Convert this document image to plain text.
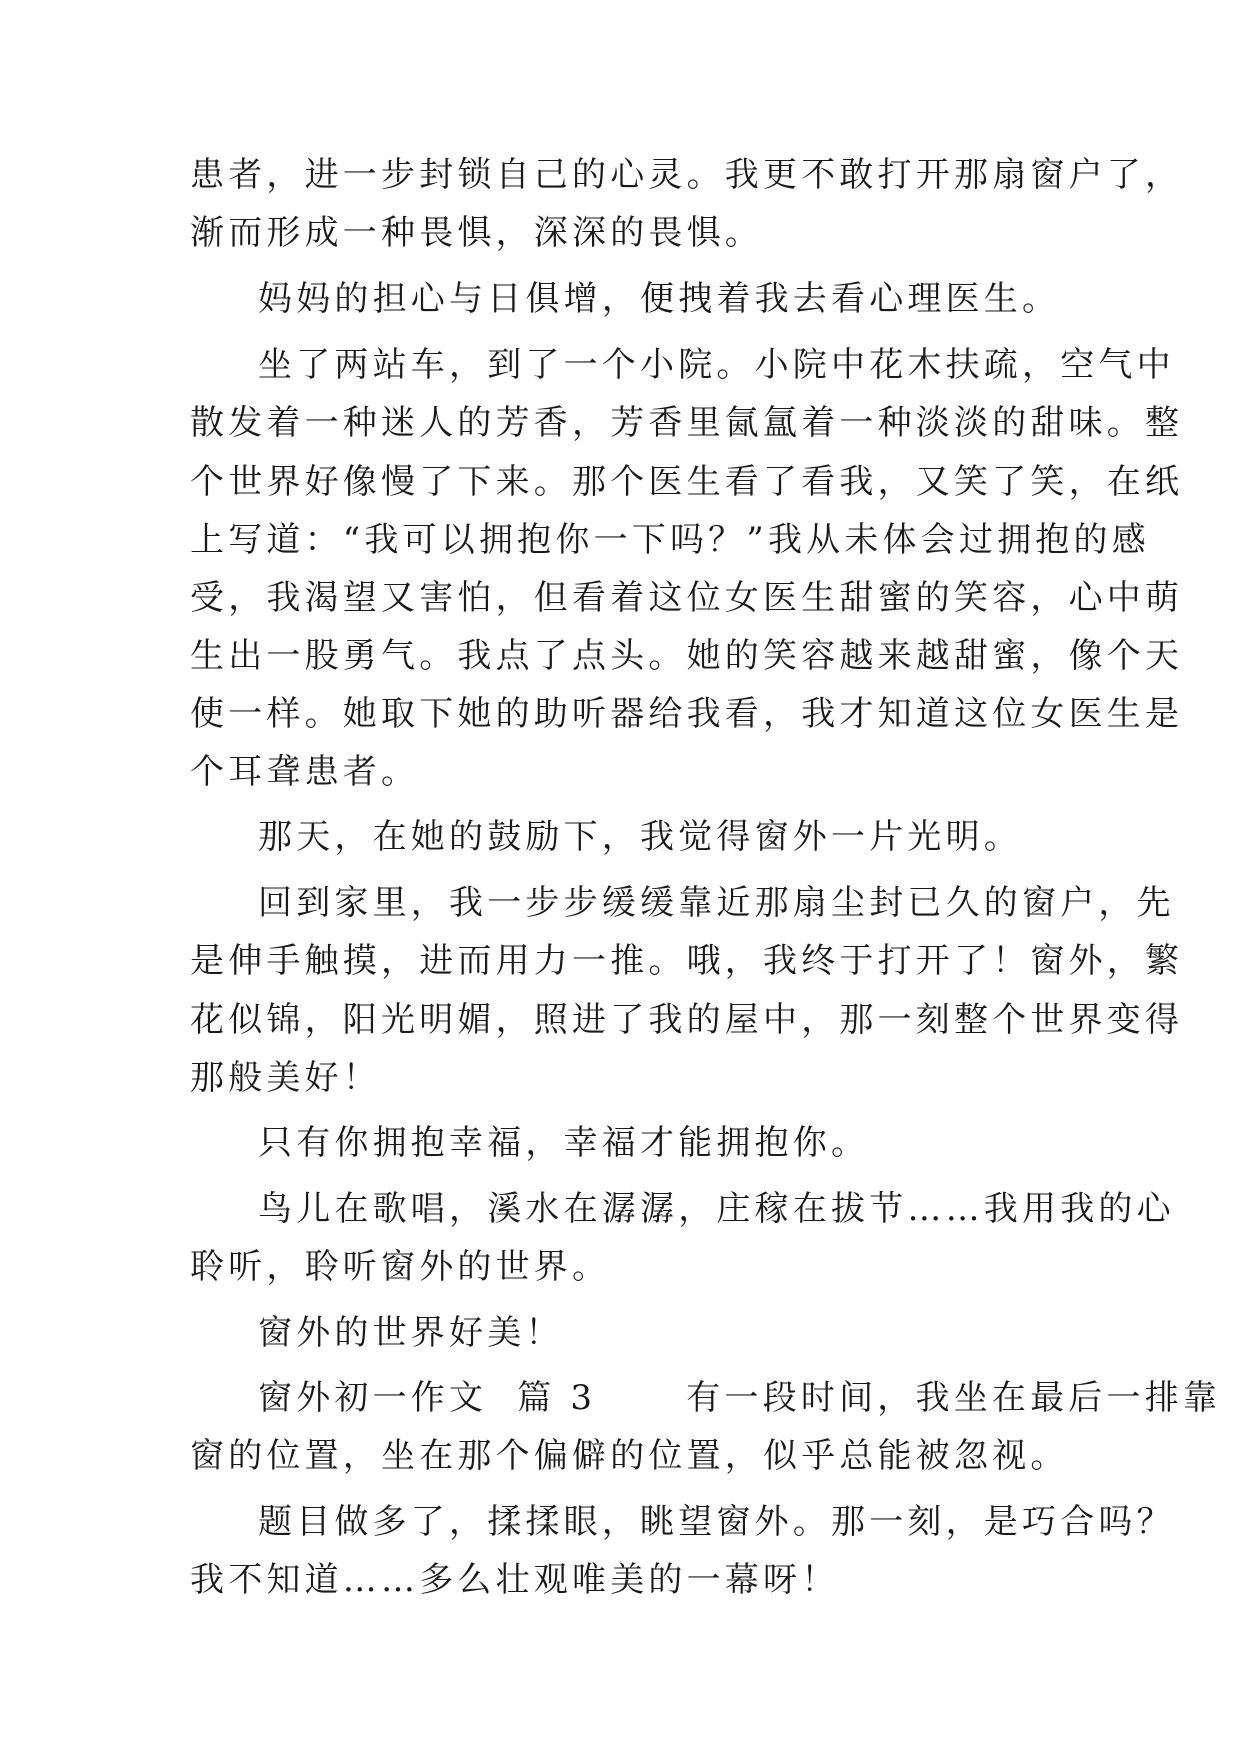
患者，进一步封锁自己的心灵。我更不敢打开那扇窗户了，
渐而形成一种畏惧，深深的畏惧。
妈妈的担心与日俱增，便拽着我去看心理医生。
坐了两站车，到了一个小院。小院中花木扶疏，空气中
散发着一种迷人的芳香，芳香里氤氲着一种淡淡的甜味。整
个世界好像慢了下来。那个医生看了看我，又笑了笑，在纸
上写道：“我可以拥抱你一下吗？”我从未体会过拥抱的感
受，我渴望又害怕，但看着这位女医生甜蜜的笑容，心中萌
生出一股勇气。我点了点头。她的笑容越来越甜蜜，像个天
使一样。她取下她的助听器给我看，我才知道这位女医生是
个耳聋患者。
那天，在她的鼓励下，我觉得窗外一片光明。
回到家里，我一步步缓缓靠近那扇尘封已久的窗户，先
是伸手触摸，进而用力一推。哦，我终于打开了！窗外，繁
花似锦，阳光明媚，照进了我的屋中，那一刻整个世界变得
那般美好！
只有你拥抱幸福，幸福才能拥抱你。
鸟儿在歌唱，溪水在潺潺，庄稼在拔节……我用我的心
聆听，聆听窗外的世界。
窗外的世界好美！
窗外初一作文  篇 3      有一段时间，我坐在最后一排靠
窗的位置，坐在那个偏僻的位置，似乎总能被忽视。
题目做多了，揉揉眼，眺望窗外。那一刻，是巧合吗？
我不知道……多么壮观唯美的一幕呀！
